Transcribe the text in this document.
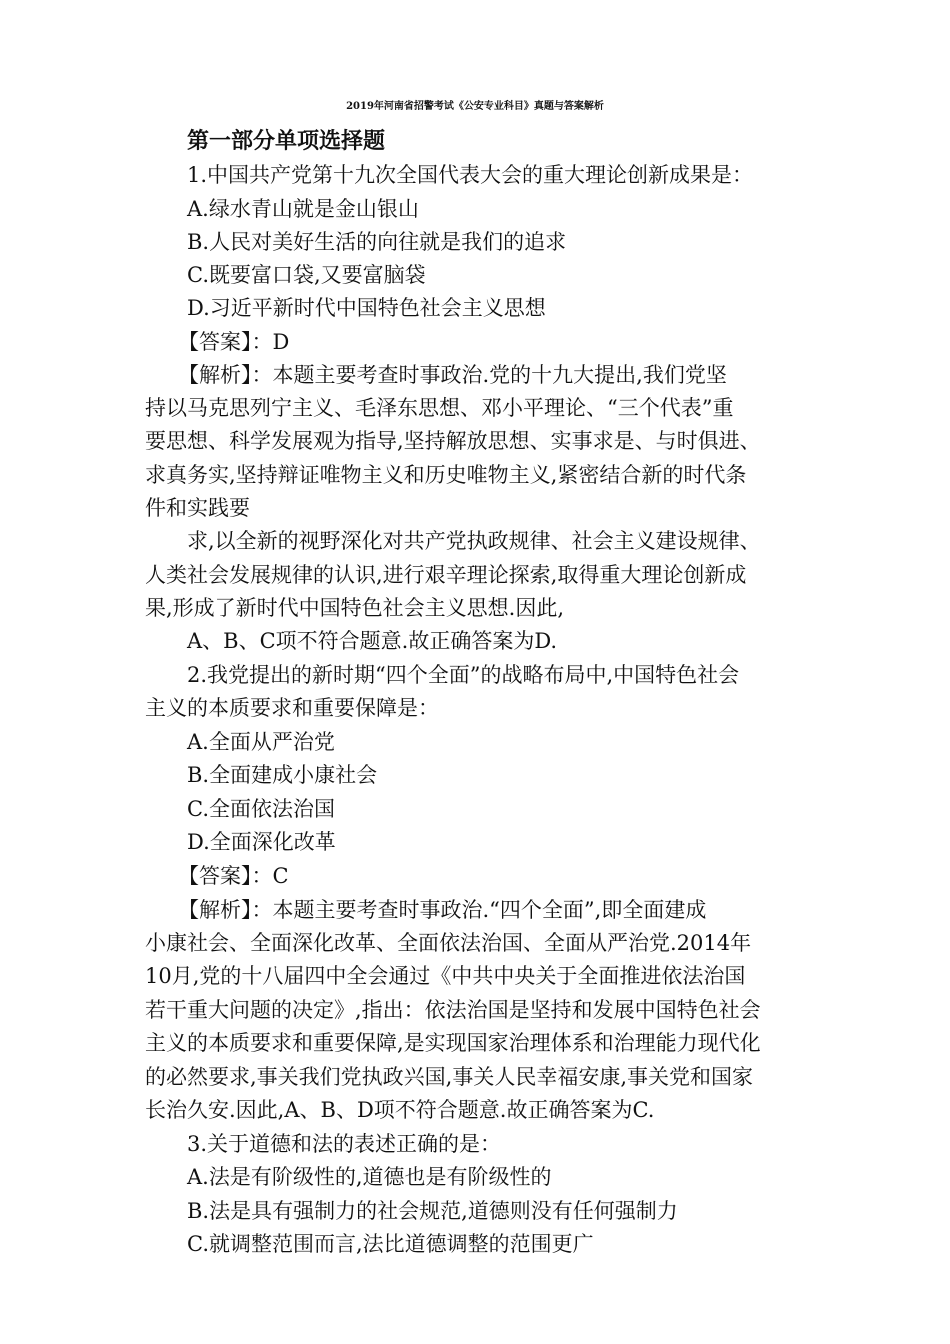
2019年河南省招警考试《公安专业科目》真题与答案解析
第一部分单项选择题
1.中国共产党第十九次全国代表大会的重大理论创新成果是：
A.绿水青山就是金山银山
B.人民对美好生活的向往就是我们的追求
C.既要富口袋,又要富脑袋
D.习近平新时代中国特色社会主义思想
【答案】：D
【解析】：本题主要考查时事政治.党的十九大提出,我们党坚
持以马克思列宁主义、毛泽东思想、邓小平理论、“三个代表”重
要思想、科学发展观为指导,坚持解放思想、实事求是、与时俱进、
求真务实,坚持辩证唯物主义和历史唯物主义,紧密结合新的时代条
件和实践要
求,以全新的视野深化对共产党执政规律、社会主义建设规律、
人类社会发展规律的认识,进行艰辛理论探索,取得重大理论创新成
果,形成了新时代中国特色社会主义思想.因此,
A、B、C项不符合题意.故正确答案为D.
2.我党提出的新时期“四个全面”的战略布局中,中国特色社会
主义的本质要求和重要保障是：
A.全面从严治党
B.全面建成小康社会
C.全面依法治国
D.全面深化改革
【答案】：C
【解析】：本题主要考查时事政治.“四个全面”,即全面建成
小康社会、全面深化改革、全面依法治国、全面从严治党.2014年
10月,党的十八届四中全会通过《中共中央关于全面推进依法治国
若干重大问题的决定》,指出：依法治国是坚持和发展中国特色社会
主义的本质要求和重要保障,是实现国家治理体系和治理能力现代化
的必然要求,事关我们党执政兴国,事关人民幸福安康,事关党和国家
长治久安.因此,A、B、D项不符合题意.故正确答案为C.
3.关于道德和法的表述正确的是：
A.法是有阶级性的,道德也是有阶级性的
B.法是具有强制力的社会规范,道德则没有任何强制力
C.就调整范围而言,法比道德调整的范围更广
